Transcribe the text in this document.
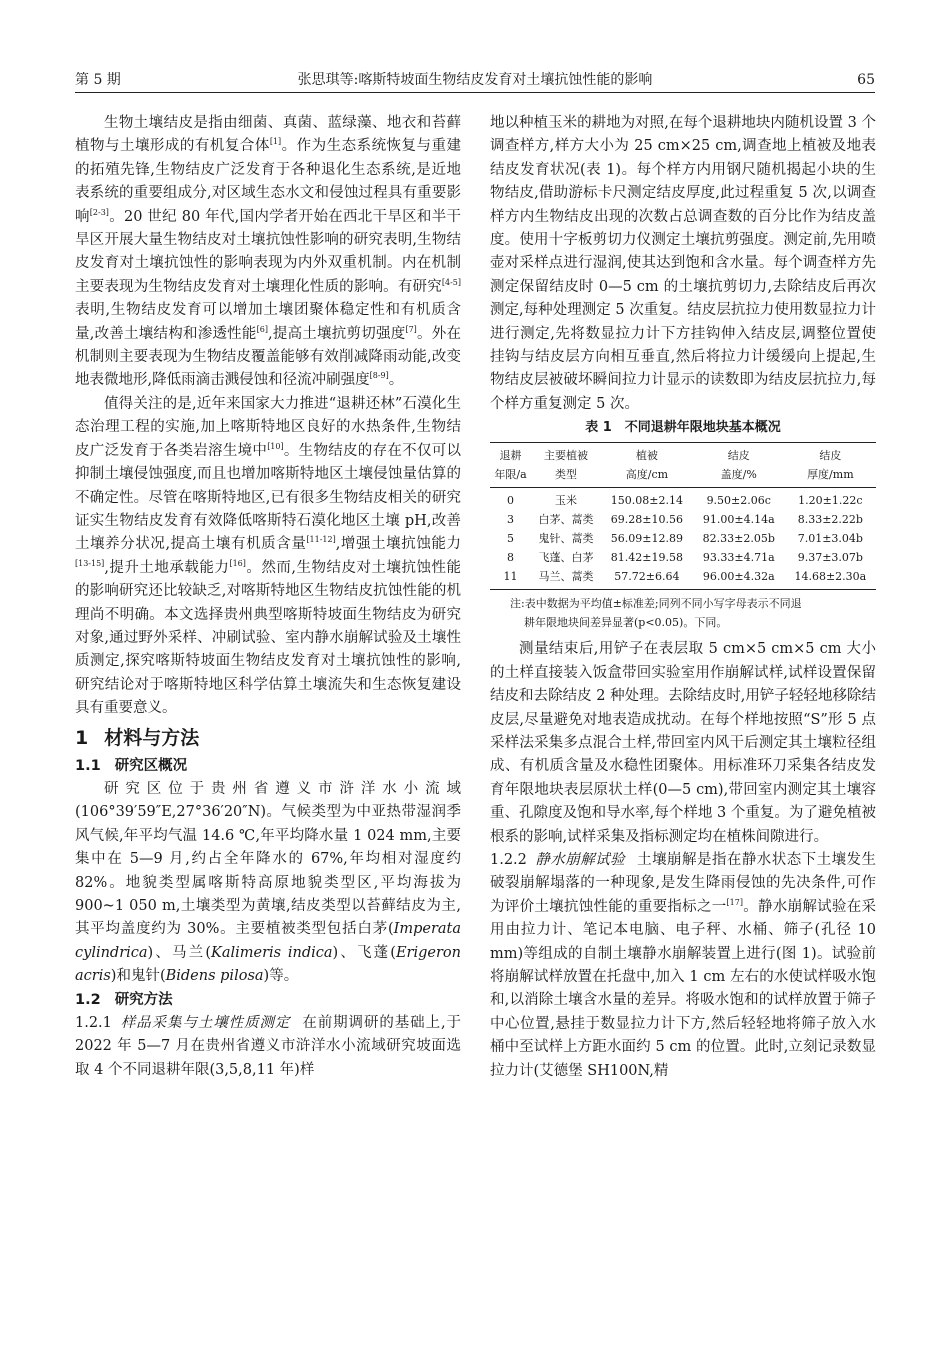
第 5 期	张思琪等:喀斯特坡面生物结皮发育对土壤抗蚀性能的影响	65

生物土壤结皮是指由细菌、真菌、蓝绿藻、地衣和苔藓植物与土壤形成的有机复合体[1]。作为生态系统恢复与重建的拓殖先锋,生物结皮广泛发育于各种退化生态系统,是近地表系统的重要组成分,对区域生态水文和侵蚀过程具有重要影响[2-3]。20 世纪 80 年代,国内学者开始在西北干旱区和半干旱区开展大量生物结皮对土壤抗蚀性影响的研究表明,生物结皮发育对土壤抗蚀性的影响表现为内外双重机制。内在机制主要表现为生物结皮发育对土壤理化性质的影响。有研究[4-5]表明,生物结皮发育可以增加土壤团聚体稳定性和有机质含量,改善土壤结构和渗透性能[6],提高土壤抗剪切强度[7]。外在机制则主要表现为生物结皮覆盖能够有效削减降雨动能,改变地表微地形,降低雨滴击溅侵蚀和径流冲刷强度[8-9]。

值得关注的是,近年来国家大力推进“退耕还林”石漠化生态治理工程的实施,加上喀斯特地区良好的水热条件,生物结皮广泛发育于各类岩溶生境中[10]。生物结皮的存在不仅可以抑制土壤侵蚀强度,而且也增加喀斯特地区土壤侵蚀量估算的不确定性。尽管在喀斯特地区,已有很多生物结皮相关的研究证实生物结皮发育有效降低喀斯特石漠化地区土壤 pH,改善土壤养分状况,提高土壤有机质含量[11-12],增强土壤抗蚀能力[13-15],提升土地承载能力[16]。然而,生物结皮对土壤抗蚀性能的影响研究还比较缺乏,对喀斯特地区生物结皮抗蚀性能的机理尚不明确。本文选择贵州典型喀斯特坡面生物结皮为研究对象,通过野外采样、冲刷试验、室内静水崩解试验及土壤性质测定,探究喀斯特坡面生物结皮发育对土壤抗蚀性的影响,研究结论对于喀斯特地区科学估算土壤流失和生态恢复建设具有重要意义。

1 材料与方法
1.1 研究区概况

研究区位于贵州省遵义市浒洋水小流域(106°39′59″E,27°36′20″N)。气候类型为中亚热带湿润季风气候,年平均气温 14.6 ℃,年平均降水量 1 024 mm,主要集中在 5—9 月,约占全年降水的 67%,年均相对湿度约 82%。地貌类型属喀斯特高原地貌类型区,平均海拔为 900~1 050 m,土壤类型为黄壤,结皮类型以苔藓结皮为主,其平均盖度约为 30%。主要植被类型包括白茅(Imperata cylindrica)、马兰(Kalimeris indica)、飞蓬(Erigeron acris)和鬼针(Bidens pilosa)等。

1.2 研究方法

1.2.1 样品采集与土壤性质测定 在前期调研的基础上,于 2022 年 5—7 月在贵州省遵义市浒洋水小流域研究坡面选取 4 个不同退耕年限(3,5,8,11 年)样

地以种植玉米的耕地为对照,在每个退耕地块内随机设置 3 个调查样方,样方大小为 25 cm×25 cm,调查地上植被及地表结皮发育状况(表 1)。每个样方内用钢尺随机揭起小块的生物结皮,借助游标卡尺测定结皮厚度,此过程重复 5 次,以调查样方内生物结皮出现的次数占总调查数的百分比作为结皮盖度。使用十字板剪切力仪测定土壤抗剪强度。测定前,先用喷壶对采样点进行湿润,使其达到饱和含水量。每个调查样方先测定保留结皮时 0—5 cm 的土壤抗剪切力,去除结皮后再次测定,每种处理测定 5 次重复。结皮层抗拉力使用数显拉力计进行测定,先将数显拉力计下方挂钩伸入结皮层,调整位置使挂钩与结皮层方向相互垂直,然后将拉力计缓缓向上提起,生物结皮层被破坏瞬间拉力计显示的读数即为结皮层抗拉力,每个样方重复测定 5 次。

表 1　不同退耕年限地块基本概况
退耕	主要植被	植被	结皮	结皮
年限/a	类型	高度/cm	盖度/%	厚度/mm
0	玉米	150.08±2.14	9.50±2.06c	1.20±1.22c
3	白茅、蒿类	69.28±10.56	91.00±4.14a	8.33±2.22b
5	鬼针、蒿类	56.09±12.89	82.33±2.05b	7.01±3.04b
8	飞蓬、白茅	81.42±19.58	93.33±4.71a	9.37±3.07b
11	马兰、蒿类	57.72±6.64	96.00±4.32a	14.68±2.30a
注:表中数据为平均值±标准差;同列不同小写字母表示不同退
耕年限地块间差异显著(p<0.05)。下同。

测量结束后,用铲子在表层取 5 cm×5 cm×5 cm 大小的土样直接装入饭盒带回实验室用作崩解试样,试样设置保留结皮和去除结皮 2 种处理。去除结皮时,用铲子轻轻地移除结皮层,尽量避免对地表造成扰动。在每个样地按照“S”形 5 点采样法采集多点混合土样,带回室内风干后测定其土壤粒径组成、有机质含量及水稳性团聚体。用标准环刀采集各结皮发育年限地块表层原状土样(0—5 cm),带回室内测定其土壤容重、孔隙度及饱和导水率,每个样地 3 个重复。为了避免植被根系的影响,试样采集及指标测定均在植株间隙进行。

1.2.2 静水崩解试验 土壤崩解是指在静水状态下土壤发生破裂崩解塌落的一种现象,是发生降雨侵蚀的先决条件,可作为评价土壤抗蚀性能的重要指标之一[17]。静水崩解试验在采用由拉力计、笔记本电脑、电子秤、水桶、筛子(孔径 10 mm)等组成的自制土壤静水崩解装置上进行(图 1)。试验前将崩解试样放置在托盘中,加入 1 cm 左右的水使试样吸水饱和,以消除土壤含水量的差异。将吸水饱和的试样放置于筛子中心位置,悬挂于数显拉力计下方,然后轻轻地将筛子放入水桶中至试样上方距水面约 5 cm 的位置。此时,立刻记录数显拉力计(艾德堡 SH100N,精
